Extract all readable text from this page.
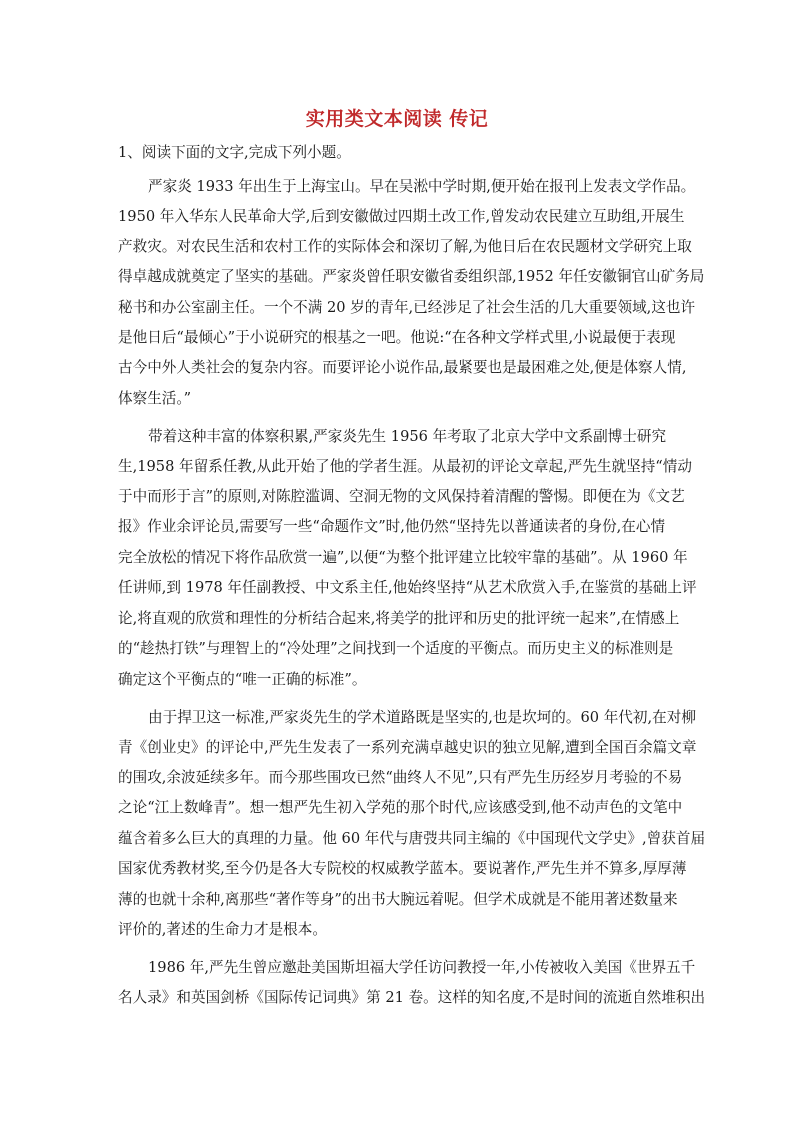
实用类文本阅读 传记
1、阅读下面的文字,完成下列小题。
严家炎 1933 年出生于上海宝山。早在吴淞中学时期,便开始在报刊上发表文学作品。
1950 年入华东人民革命大学,后到安徽做过四期土改工作,曾发动农民建立互助组,开展生
产救灾。对农民生活和农村工作的实际体会和深切了解,为他日后在农民题材文学研究上取
得卓越成就奠定了坚实的基础。严家炎曾任职安徽省委组织部,1952 年任安徽铜官山矿务局
秘书和办公室副主任。一个不满 20 岁的青年,已经涉足了社会生活的几大重要领域,这也许
是他日后“最倾心”于小说研究的根基之一吧。他说:“在各种文学样式里,小说最便于表现
古今中外人类社会的复杂内容。而要评论小说作品,最紧要也是最困难之处,便是体察人情,
体察生活。”
带着这种丰富的体察积累,严家炎先生 1956 年考取了北京大学中文系副博士研究
生,1958 年留系任教,从此开始了他的学者生涯。从最初的评论文章起,严先生就坚持“情动
于中而形于言”的原则,对陈腔滥调、空洞无物的文风保持着清醒的警惕。即便在为《文艺
报》作业余评论员,需要写一些“命题作文”时,他仍然“坚持先以普通读者的身份,在心情
完全放松的情况下将作品欣赏一遍”,以便“为整个批评建立比较牢靠的基础”。从 1960 年
任讲师,到 1978 年任副教授、中文系主任,他始终坚持“从艺术欣赏入手,在鉴赏的基础上评
论,将直观的欣赏和理性的分析结合起来,将美学的批评和历史的批评统一起来”,在情感上
的“趁热打铁”与理智上的“冷处理”之间找到一个适度的平衡点。而历史主义的标准则是
确定这个平衡点的“唯一正确的标准”。
由于捍卫这一标准,严家炎先生的学术道路既是坚实的,也是坎坷的。60 年代初,在对柳
青《创业史》的评论中,严先生发表了一系列充满卓越史识的独立见解,遭到全国百余篇文章
的围攻,余波延续多年。而今那些围攻已然“曲终人不见”,只有严先生历经岁月考验的不易
之论“江上数峰青”。想一想严先生初入学苑的那个时代,应该感受到,他不动声色的文笔中
蕴含着多么巨大的真理的力量。他 60 年代与唐弢共同主编的《中国现代文学史》,曾获首届
国家优秀教材奖,至今仍是各大专院校的权威教学蓝本。要说著作,严先生并不算多,厚厚薄
薄的也就十余种,离那些“著作等身”的出书大腕远着呢。但学术成就是不能用著述数量来
评价的,著述的生命力才是根本。
1986 年,严先生曾应邀赴美国斯坦福大学任访问教授一年,小传被收入美国《世界五千
名人录》和英国剑桥《国际传记词典》第 21 卷。这样的知名度,不是时间的流逝自然堆积出
